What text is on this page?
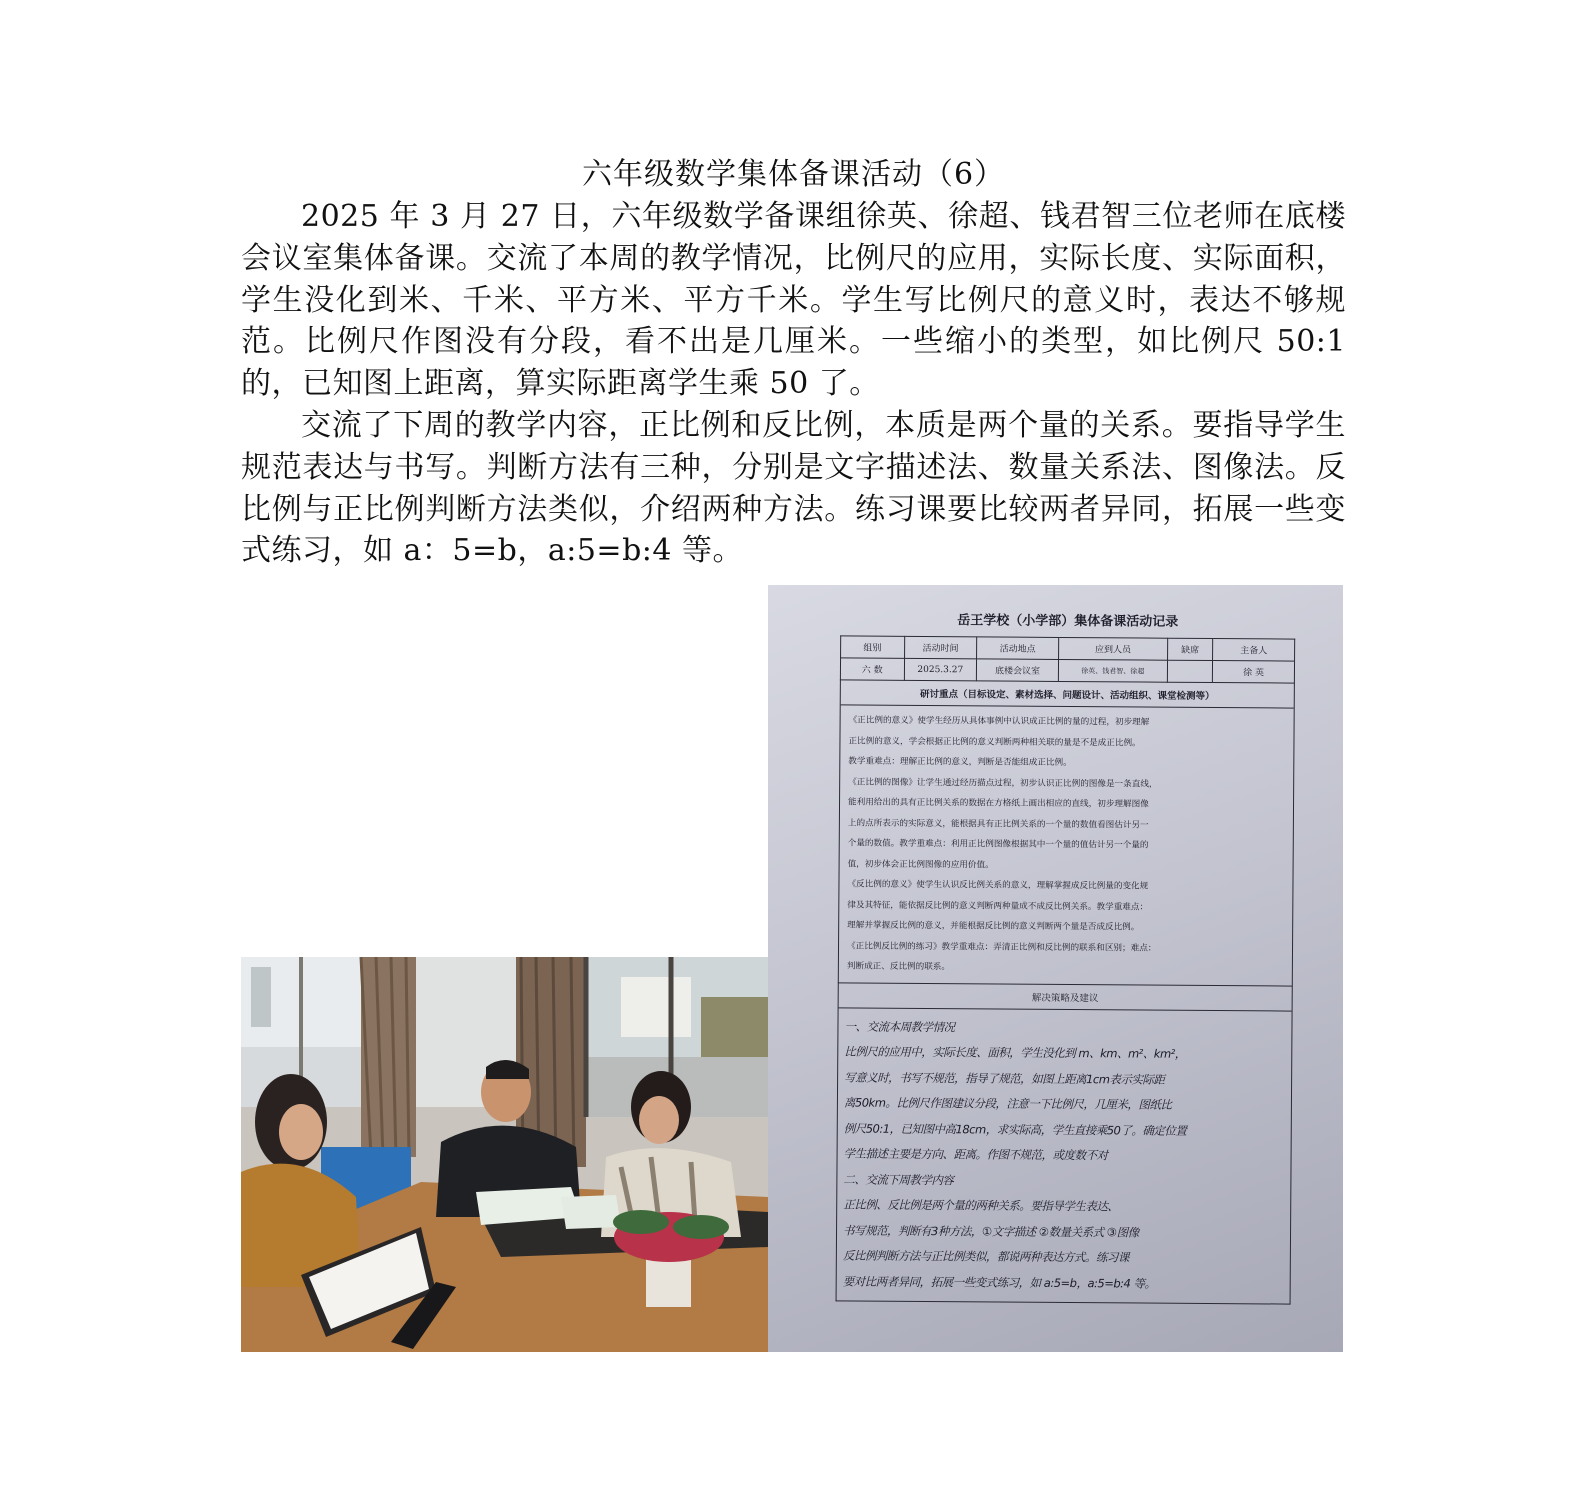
六年级数学集体备课活动（6）

2025 年 3 月 27 日，六年级数学备课组徐英、徐超、钱君智三位老师在底楼会议室集体备课。交流了本周的教学情况，比例尺的应用，实际长度、实际面积，学生没化到米、千米、平方米、平方千米。学生写比例尺的意义时，表达不够规范。比例尺作图没有分段，看不出是几厘米。一些缩小的类型，如比例尺 50:1 的，已知图上距离，算实际距离学生乘 50 了。

交流了下周的教学内容，正比例和反比例，本质是两个量的关系。要指导学生规范表达与书写。判断方法有三种，分别是文字描述法、数量关系法、图像法。反比例与正比例判断方法类似，介绍两种方法。练习课要比较两者异同，拓展一些变式练习，如 a：5=b，a:5=b:4 等。

岳王学校（小学部）集体备课活动记录
组别	活动时间	活动地点	应到人员	缺席	主备人
六 数	2025.3.27	底楼会议室	徐英、钱君智、徐超		徐 英
研讨重点（目标设定、素材选择、问题设计、活动组织、课堂检测等）

《正比例的意义》使学生经历从具体事例中认识成正比例的量的过程，初步理解

正比例的意义，学会根据正比例的意义判断两种相关联的量是不是成正比例。

教学重难点：理解正比例的意义，判断是否能组成正比例。

《正比例的图像》让学生通过经历描点过程，初步认识正比例的图像是一条直线，

能利用给出的具有正比例关系的数据在方格纸上画出相应的直线，初步理解图像

上的点所表示的实际意义，能根据具有正比例关系的一个量的数值看图估计另一

个量的数值。教学重难点：利用正比例图像根据其中一个量的值估计另一个量的

值，初步体会正比例图像的应用价值。

《反比例的意义》使学生认识反比例关系的意义，理解掌握成反比例量的变化规

律及其特征，能依据反比例的意义判断两种量成不成反比例关系。教学重难点：

理解并掌握反比例的意义，并能根据反比例的意义判断两个量是否成反比例。

《正比例反比例的练习》教学重难点：弄清正比例和反比例的联系和区别；难点：

判断成正、反比例的联系。

解决策略及建议

一、交流本周教学情况

比例尺的应用中，实际长度、面积，学生没化到 m、km、m²、km²，

写意义时，书写不规范，指导了规范，如图上距离1cm表示实际距

离50km。比例尺作图建议分段，注意一下比例尺，几厘米，图纸比

例尺50:1，已知图中高18cm，求实际高，学生直接乘50了。确定位置

学生描述主要是方向、距离。作图不规范，或度数不对

二、交流下周教学内容

正比例、反比例是两个量的两种关系。要指导学生表达、

书写规范，判断有3种方法，①文字描述 ②数量关系式 ③图像

反比例判断方法与正比例类似，都说两种表达方式。练习课

要对比两者异同，拓展一些变式练习，如 a:5=b，a:5=b:4 等。
